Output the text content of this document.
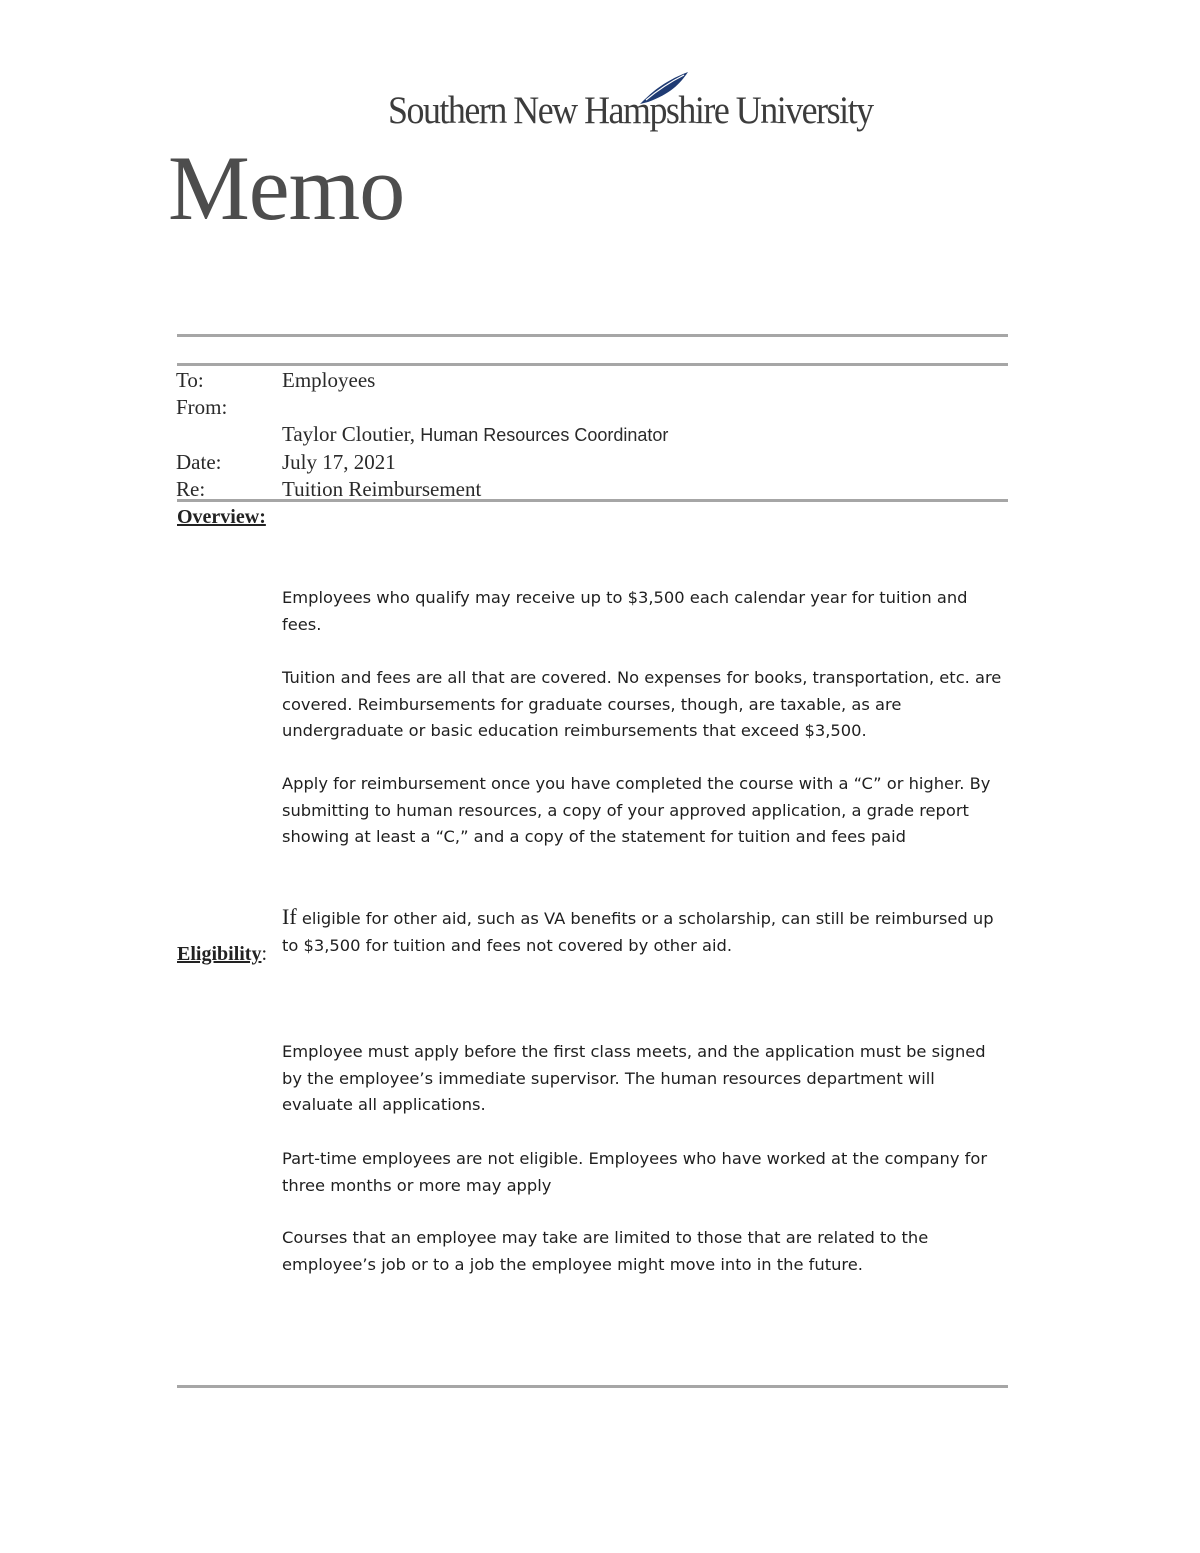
Southern New Hampshire University
Memo
To:	Employees
From:
Taylor Cloutier, Human Resources Coordinator
Date:	July 17, 2021
Re:	Tuition Reimbursement
Overview:

Employees who qualify may receive up to $3,500 each calendar year for tuition and fees.

Tuition and fees are all that are covered. No expenses for books, transportation, etc. are covered. Reimbursements for graduate courses, though, are taxable, as are undergraduate or basic education reimbursements that exceed $3,500.

Apply for reimbursement once you have completed the course with a “C” or higher. By submitting to human resources, a copy of your approved application, a grade report showing at least a “C,” and a copy of the statement for tuition and fees paid

If eligible for other aid, such as VA benefits or a scholarship, can still be reimbursed up to $3,500 for tuition and fees not covered by other aid.

Eligibility:

Employee must apply before the first class meets, and the application must be signed by the employee’s immediate supervisor. The human resources department will evaluate all applications.

Part-time employees are not eligible. Employees who have worked at the company for three months or more may apply

Courses that an employee may take are limited to those that are related to the employee’s job or to a job the employee might move into in the future.
